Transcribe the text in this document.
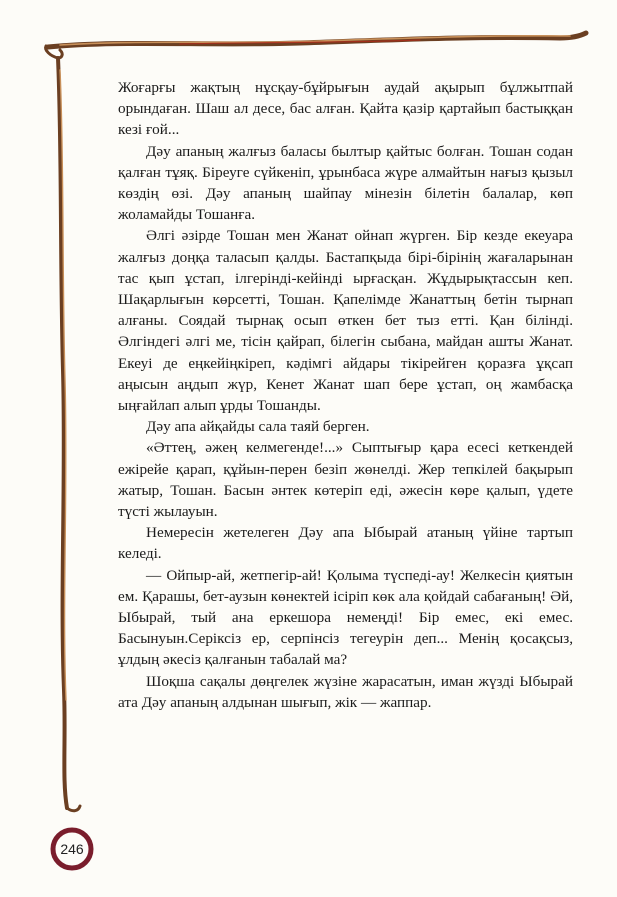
Жоғарғы жақтың нұсқау-бұйрығын аудай ақырып бұлжытпай орындаған. Шаш ал десе, бас алған. Қайта қазір қартайып бастыққан кезі ғой...

Дәу апаның жалғыз баласы былтыр қайтыс болған. Тошан содан қалған тұяқ. Біреуге сүйкеніп, ұрынбаса жүре алмайтын нағыз қызыл көздің өзі. Дәу апаның шайпау мінезін білетін балалар, көп жоламайды Тошанға.

Әлгі әзірде Тошан мен Жанат ойнап жүрген. Бір кезде екеуара жалғыз доңқа таласып қалды. Бастапқыда бірі-бірінің жағаларынан тас қып ұстап, ілгерінді-кейінді ырғасқан. Жұдырықтассын кеп. Шақарлығын көрсетті, Тошан. Қапелімде Жанаттың бетін тырнап алғаны. Соядай тырнақ осып өткен бет тыз етті. Қан білінді. Әлгіндегі әлгі ме, тісін қайрап, білегін сыбана, майдан ашты Жанат. Екеуі де еңкейіңкіреп, кәдімгі айдары тікірейген қоразға ұқсап аңысын аңдып жүр, Кенет Жанат шап бере ұстап, оң жамбасқа ыңғайлап алып ұрды Тошанды.

Дәу апа айқайды сала таяй берген.

«Әттең, әжең келмегенде!...» Сыптығыр қара есесі кеткендей ежірейе қарап, құйын-перен безіп жөнелді. Жер тепкілей бақырып жатыр, Тошан. Басын әнтек көтеріп еді, әжесін көре қалып, үдете түсті жылауын.

Немересін жетелеген Дәу апа Ыбырай атаның үйіне тартып келеді.

— Ойпыр-ай, жетпегір-ай! Қолыма түспеді-ау! Желкесін қиятын ем. Қарашы, бет-аузын көнектей ісіріп көк ала қойдай сабағаның! Әй, Ыбырай, тый ана еркешора немеңді! Бір емес, екі емес. Басынуын.Серіксіз ер, серпінсіз тегеурін деп... Менің қосақсыз, ұлдың әкесіз қалғанын табалай ма?

Шоқша сақалы дөңгелек жүзіне жарасатын, иман жүзді Ыбырай ата Дәу апаның алдынан шығып, жік — жаппар.

246
